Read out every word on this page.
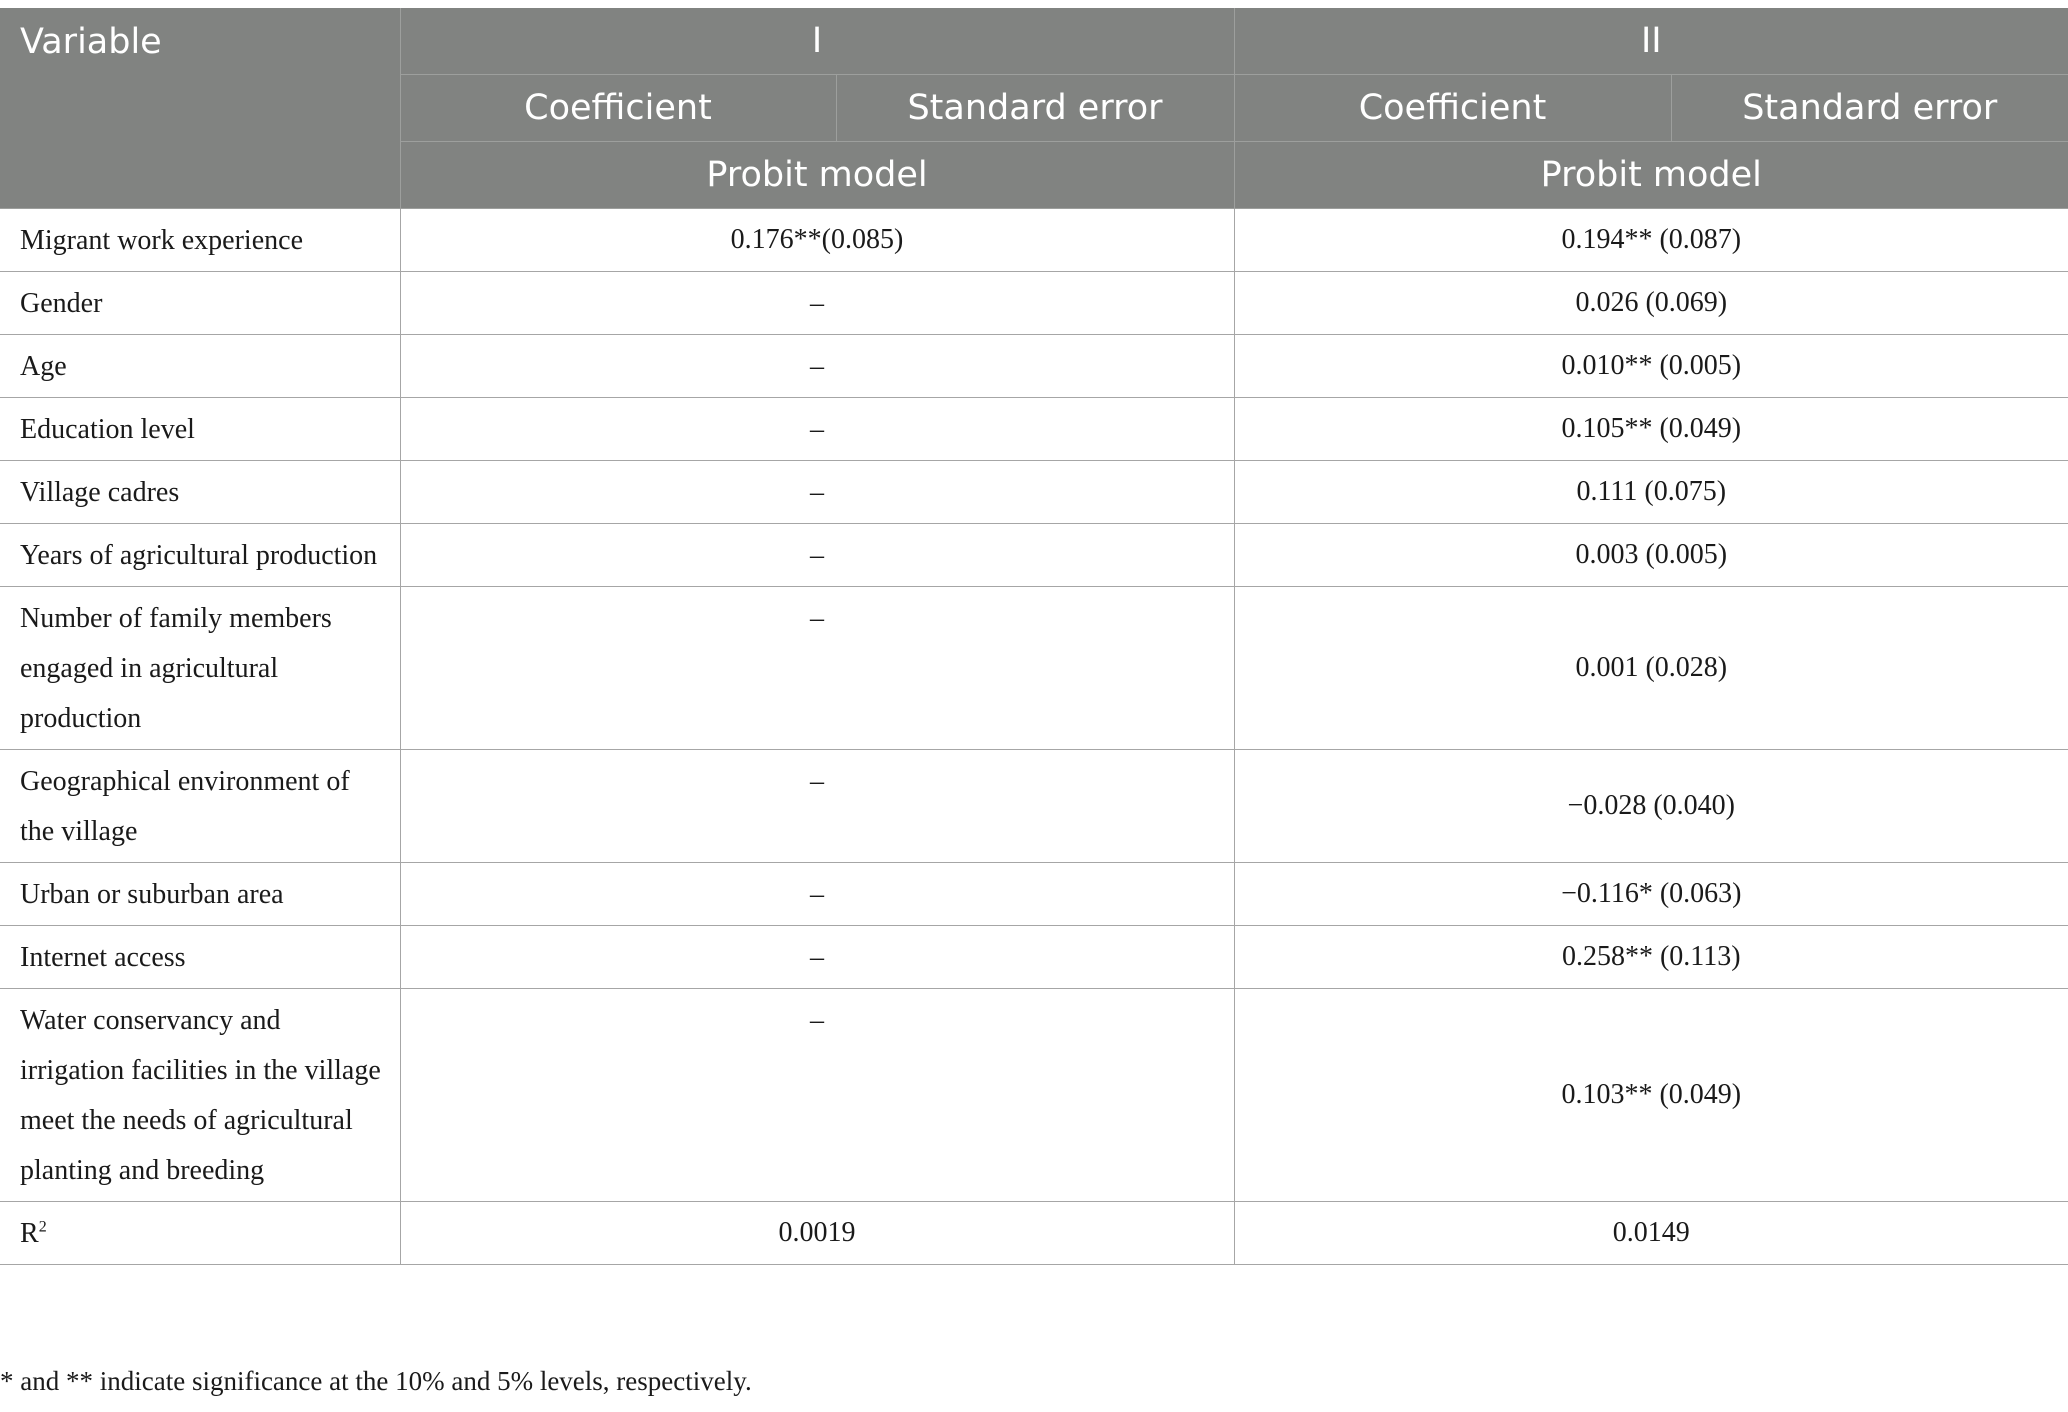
Variable	I		II	
	Coefficient	Standard error	Coefficient	Standard error
	Probit model		Probit model	
Migrant work experience	0.176**(0.085)		0.194** (0.087)	
Gender	–		0.026 (0.069)	
Age	–		0.010** (0.005)	
Education level	–		0.105** (0.049)	
Village cadres	–		0.111 (0.075)	
Years of agricultural production	–		0.003 (0.005)	
Number of family members engaged in agricultural production	–		0.001 (0.028)	
Geographical environment of the village	–		−0.028 (0.040)	
Urban or suburban area	–		−0.116* (0.063)	
Internet access	–		0.258** (0.113)	
Water conservancy and irrigation facilities in the village meet the needs of agricultural planting and breeding	–		0.103** (0.049)	
$R^2$	0.0019		0.0149	
* and ** indicate significance at the 10% and 5% levels, respectively.
